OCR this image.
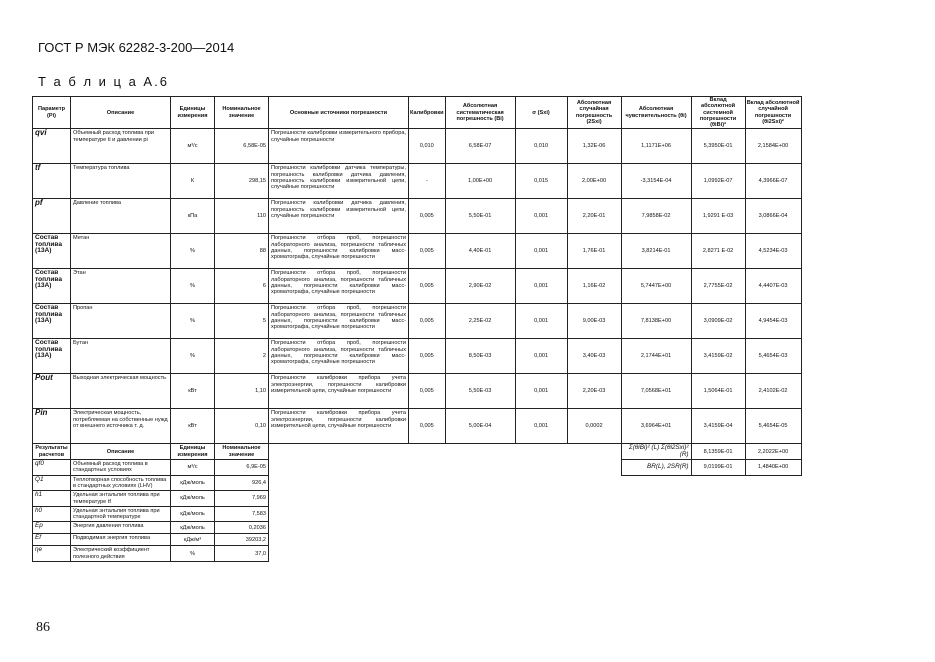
ГОСТ Р МЭК 62282-3-200—2014
Т а б л и ц а А.6
Параметр (Pi)	Описание	Единицы измерения	Номинальное значение	Основные источники погрешности	Калибровки	Абсолютная систематическая погрешность (Bi)	σ (Sxi)	Абсолютная случайная погрешность (2Sxi)	Абсолютная чувствительность (θi)	Вклад абсолютной системной погрешности (θiBi)²	Вклад абсолютной случайной погрешности (θi2Sxi)²
qvi	Объемный расход топлива при температуре ti и давлении pi	м³/с	6,58E-05	Погрешности калибровки измерительного прибора, случайные погрешности	0,010	6,58E-07	0,010	1,32E-06	1,1171E+06	5,3950E-01	2,1584E+00
tf	Температура топлива	К	298,15	Погрешности калибровки датчика температуры, погрешность калибровки датчика давления, погрешность калибровки измерительной цепи, случайные погрешности	-	1,00E+00	0,015	2,00E+00	-3,3154E-04	1,0992E-07	4,3966E-07
pf	Давление топлива	кПа	110	Погрешности калибровки датчика давления, погрешность калибровки измерительной цепи, случайные погрешности	0,005	5,50E-01	0,001	2,20E-01	7,9858E-02	1,9291 E-03	3,0866E-04
Состав топлива (13A)	Метан	%	88	Погрешности отбора проб, погрешности лабораторного анализа, погрешности табличных данных, погрешности калибровки масс-хроматографа, случайные погрешности	0,005	4,40E-01	0,001	1,76E-01	3,8214E-01	2,8271 E-02	4,5234E-03
Состав топлива (13A)	Этан	%	6	Погрешности отбора проб, погрешности лабораторного анализа, погрешности табличных данных, погрешности калибровки масс-хроматографа, случайные погрешности	0,005	2,90E-02	0,001	1,16E-02	5,7447E+00	2,7755E-02	4,4407E-03
Состав топлива (13A)	Пропан	%	5	Погрешности отбора проб, погрешности лабораторного анализа, погрешности табличных данных, погрешности калибровки масс-хроматографа, случайные погрешности	0,005	2,25E-02	0,001	9,00E-03	7,8138E+00	3,0909E-02	4,9454E-03
Состав топлива (13A)	Бутан	%	2	Погрешности отбора проб, погрешности лабораторного анализа, погрешности табличных данных, погрешности калибровки масс-хроматографа, случайные погрешности	0,005	8,50E-03	0,001	3,40E-03	2,1744E+01	3,4159E-02	5,4654E-03
Pout	Выходная электрическая мощность	кВт	1,10	Погрешности калибровки прибора учета электроэнергии, погрешности калибровки измерительной цепи, случайные погрешности	0,005	5,50E-03	0,001	2,20E-03	7,0568E+01	1,5064E-01	2,4102E-02
Pin	Электрическая мощность, потребляемая на собственные нужд от внешнего источника т. д.	кВт	0,10	Погрешности калибровки прибора учета электроэнергии, погрешности калибровки измерительной цепи, случайные погрешности	0,005	5,00E-04	0,001	0,0002	3,6964E+01	3,4159E-04	5,4654E-05
Результаты расчетов	Описание	Единицы измерения	Номинальное значение						Σ(θiBi)² (L) Σ(θi2Sxi)² (R)	8,1359E-01	2,2022E+00
qf0	Объемный расход топлива в стандартных условиях	м³/с	6,9E-05						BR(L), 2SR(R)	9,0199E-01	1,4840E+00
Q1	Теплотворная способность топлива в стандартных условиях (LHV)	кДж/моль	926,4								
h1	Удельная энтальпия топлива при температуре tf	кДж/моль	7,969								
h0	Удельная энтальпия топлива при стандартной температуре	кДж/моль	7,583								
Ep	Энергия давления топлива	кДж/моль	0,2036								
Ef	Подводимая энергия топлива	кДж/м³	39203,2								
ηe	Электрический коэффициент полезного действия	%	37,0								
86
